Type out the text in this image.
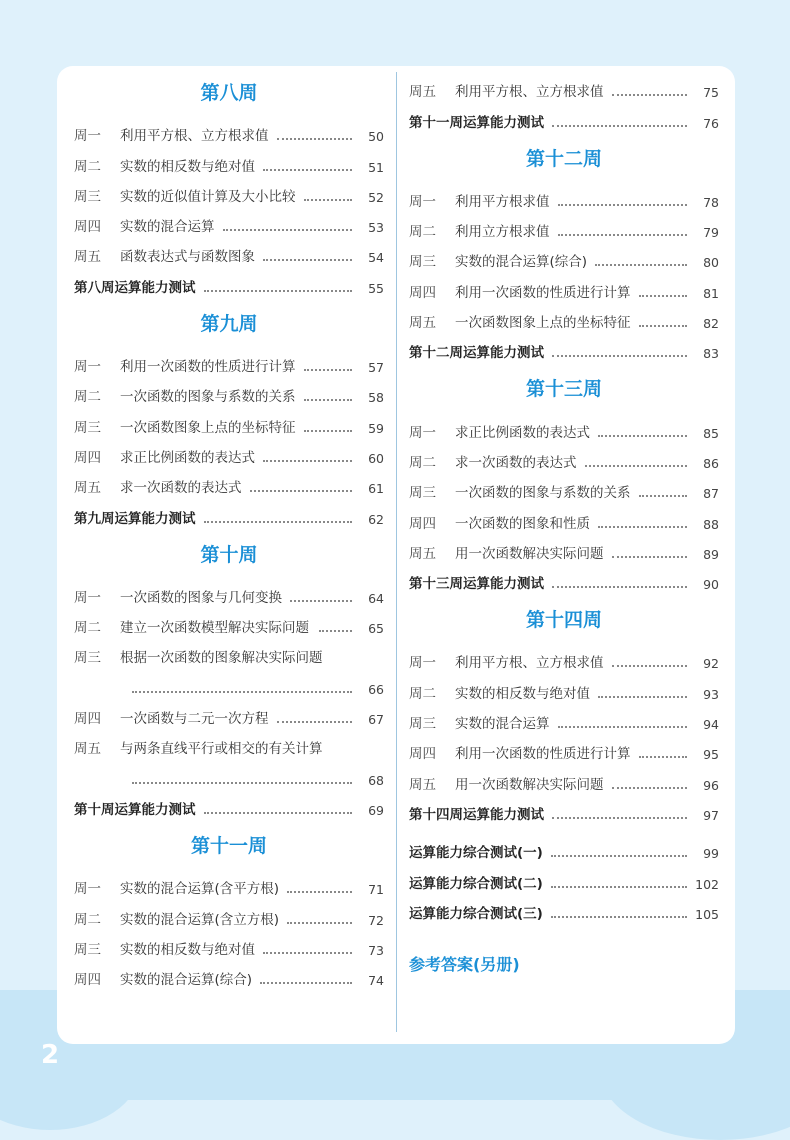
第八周
周一	利用平方根、立方根求值	50
周二	实数的相反数与绝对值	51
周三	实数的近似值计算及大小比较	52
周四	实数的混合运算	53
周五	函数表达式与函数图象	54
第八周运算能力测试	55
第九周
周一	利用一次函数的性质进行计算	57
周二	一次函数的图象与系数的关系	58
周三	一次函数图象上点的坐标特征	59
周四	求正比例函数的表达式	60
周五	求一次函数的表达式	61
第九周运算能力测试	62
第十周
周一	一次函数的图象与几何变换	64
周二	建立一次函数模型解决实际问题	65
周三	根据一次函数的图象解决实际问题
66
周四	一次函数与二元一次方程	67
周五	与两条直线平行或相交的有关计算
68
第十周运算能力测试	69
第十一周
周一	实数的混合运算(含平方根)	71
周二	实数的混合运算(含立方根)	72
周三	实数的相反数与绝对值	73
周四	实数的混合运算(综合)	74
周五	利用平方根、立方根求值	75
第十一周运算能力测试	76
第十二周
周一	利用平方根求值	78
周二	利用立方根求值	79
周三	实数的混合运算(综合)	80
周四	利用一次函数的性质进行计算	81
周五	一次函数图象上点的坐标特征	82
第十二周运算能力测试	83
第十三周
周一	求正比例函数的表达式	85
周二	求一次函数的表达式	86
周三	一次函数的图象与系数的关系	87
周四	一次函数的图象和性质	88
周五	用一次函数解决实际问题	89
第十三周运算能力测试	90
第十四周
周一	利用平方根、立方根求值	92
周二	实数的相反数与绝对值	93
周三	实数的混合运算	94
周四	利用一次函数的性质进行计算	95
周五	用一次函数解决实际问题	96
第十四周运算能力测试	97
运算能力综合测试(一)	99
运算能力综合测试(二)	102
运算能力综合测试(三)	105
参考答案(另册)
2
